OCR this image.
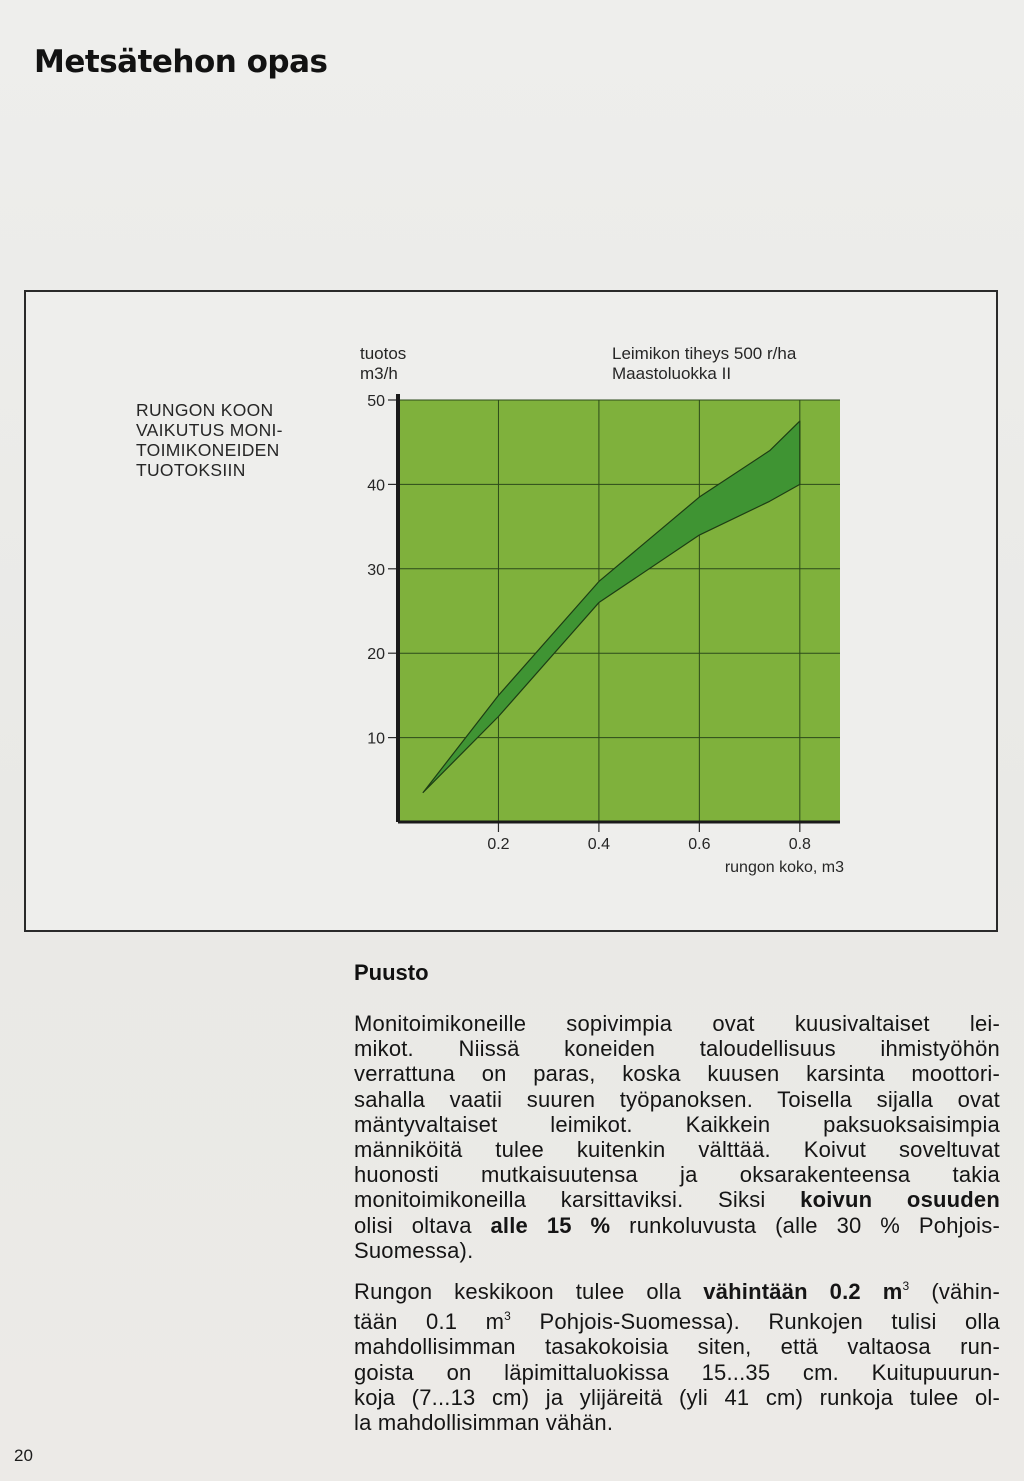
Metsätehon opas
RUNGON KOON
VAIKUTUS MONI-
TOIMIKONEIDEN
TUOTOKSIIN
tuotos
m3/h
Leimikon tiheys 500 r/ha
Maastoluokka II
10
20
30
40
50
0.2	0.4	0.6	0.8
rungon koko, m3
Puusto

Monitoimikoneille sopivimpia ovat kuusivaltaiset lei-
mikot. Niissä koneiden taloudellisuus ihmistyöhön
verrattuna on paras, koska kuusen karsinta moottori-
sahalla vaatii suuren työpanoksen. Toisella sijalla ovat
mäntyvaltaiset leimikot. Kaikkein paksuoksaisimpia
männiköitä tulee kuitenkin välttää. Koivut soveltuvat
huonosti mutkaisuutensa ja oksarakenteensa takia
monitoimikoneilla karsittaviksi. Siksi koivun osuuden
olisi oltava alle 15 % runkoluvusta (alle 30 % Pohjois-
Suomessa).

Rungon keskikoon tulee olla vähintään 0.2 $m^3$ (vähin-
tään 0.1 $m^3$ Pohjois-Suomessa). Runkojen tulisi olla
mahdollisimman tasakokoisia siten, että valtaosa run-
goista on läpimittaluokissa 15...35 cm. Kuitupuurun-
koja (7...13 cm) ja ylijäreitä (yli 41 cm) runkoja tulee ol-
la mahdollisimman vähän.

20
